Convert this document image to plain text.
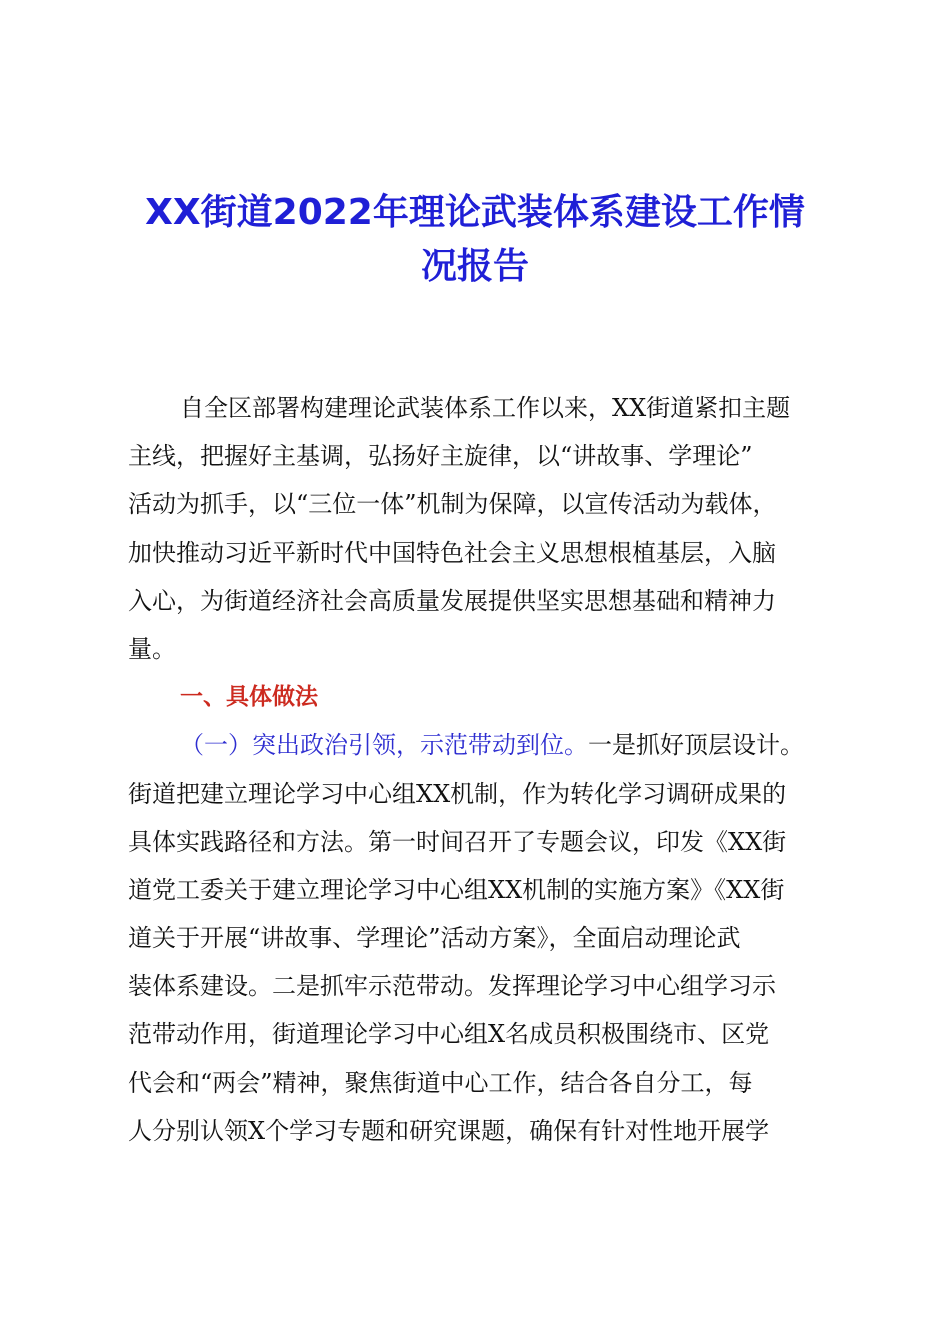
XX街道2022年理论武装体系建设工作情
况报告
自全区部署构建理论武装体系工作以来，XX街道紧扣主题
主线，把握好主基调，弘扬好主旋律，以“讲故事、学理论”
活动为抓手，以“三位一体”机制为保障，以宣传活动为载体，
加快推动习近平新时代中国特色社会主义思想根植基层，入脑
入心，为街道经济社会高质量发展提供坚实思想基础和精神力
量。
一、具体做法
（一）突出政治引领，示范带动到位。一是抓好顶层设计。
街道把建立理论学习中心组XX机制，作为转化学习调研成果的
具体实践路径和方法。第一时间召开了专题会议，印发《XX街
道党工委关于建立理论学习中心组XX机制的实施方案》《XX街
道关于开展“讲故事、学理论”活动方案》，全面启动理论武
装体系建设。二是抓牢示范带动。发挥理论学习中心组学习示
范带动作用，街道理论学习中心组X名成员积极围绕市、区党
代会和“两会”精神，聚焦街道中心工作，结合各自分工，每
人分别认领X个学习专题和研究课题，确保有针对性地开展学
